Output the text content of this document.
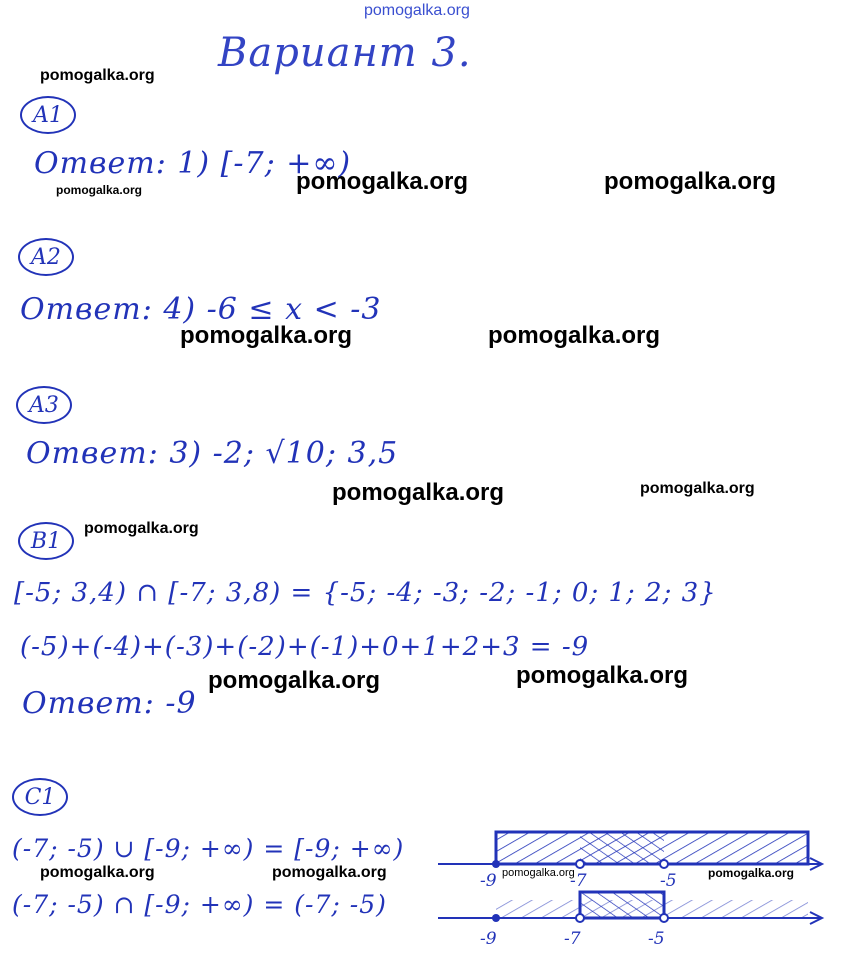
pomogalka.org
Вариант 3.
pomogalka.org
pomogalka.org	pomogalka.org
pomogalka.org
pomogalka.org	pomogalka.org
pomogalka.org	pomogalka.org
pomogalka.org
pomogalka.org	pomogalka.org
pomogalka.org	pomogalka.org	pomogalka.org	pomogalka.org
A1
Ответ: 1) [-7; +∞)
A2
Ответ: 4) -6 ≤ x < -3
A3
Ответ: 3) -2; √10; 3,5
B1
[-5; 3,4) ∩ [-7; 3,8) = {-5; -4; -3; -2; -1; 0; 1; 2; 3}
(-5)+(-4)+(-3)+(-2)+(-1)+0+1+2+3 = -9
Ответ: -9
C1
(-7; -5) ∪ [-9; +∞) = [-9; +∞)
(-7; -5) ∩ [-9; +∞) = (-7; -5)
-9	-7	-5
-9	-7	-5
